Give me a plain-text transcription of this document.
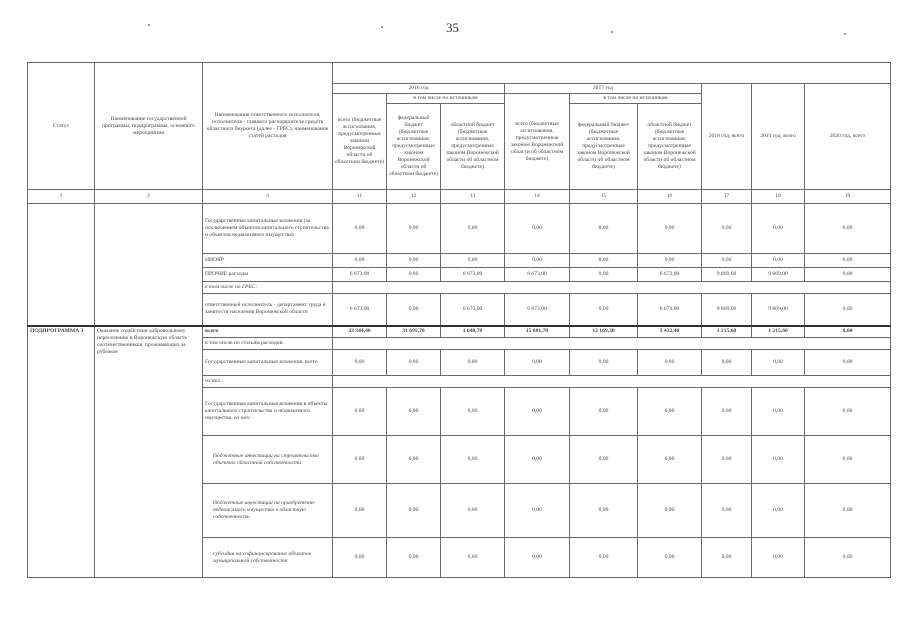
35
Статус	Наименование государственной программы, подпрограммы, основного мероприятия	Наименование ответственного исполнителя, исполнителя - главного распорядителя средств областного бюджета (далее - ГРБС), наименование статей расходов									
			2016 год			2017 год			2018 год, всего	2019 год, всего	2020 год, всего
			всего (бюджетные ассигнования, предусмотренные законом Воронежской области об областном бюджете)	в том числе по источникам		всего (бюджетные ассигнования, предусмотренные законом Воронежской области об областном бюджете)	в том числе по источникам				
				федеральный бюджет (бюджетные ассигнования, предусмотренные законом Воронежской области об областном бюджете)	областной бюджет (бюджетные ассигнования, предусмотренные законом Воронежской области об областном бюджете)		федеральный бюджет (бюджетные ассигнования, предусмотренные законом Воронежской области об областном бюджете)	областной бюджет (бюджетные ассигнования, предусмотренные законом Воронежской области об областном бюджете)			
1	2	3	11	12	13	14	15	16	17	18	19
		Государственные капитальные вложения (за исключением объектов капитального строительства и объектов недвижимого имущества)	0,00	0,00	0,00	0,00	0,00	0,00	0,00	0,00	0,00
		НИОКР	0,00	0,00	0,00	0,00	0,00	0,00	0,00	0,00	0,00
		ПРОЧИЕ расходы	6 673,00	0,00	6 673,00	6 673,00	0,00	6 673,00	9 869,00	9 869,00	0,00
		в том числе по ГРБС:									
		ответственный исполнитель - департамент труда и занятости населения Воронежской области	6 673,00	0,00	6 673,00	6 673,00	0,00	6 673,00	9 869,00	9 869,00	0,00
ПОДПРОГРАММА 3	Оказание содействия добровольному переселению в Воронежскую область соотечественников, проживающих за рубежом	всего	33 344,40	31 695,70	1 648,70	15 601,70	12 169,30	3 432,40	1 215,60	1 215,60	0,00
		в том числе по статьям расходов:									
		Государственные капитальные вложения, всего	0,00	0,00	0,00	0,00	0,00	0,00	0,00	0,00	0,00
		из них:									
		Государственные капитальные вложения в объекты капитального строительства и недвижимого имущества, из них:	0,00	0,00	0,00	0,00	0,00	0,00	0,00	0,00	0,00
		бюджетные инвестиции на строительство объектов областной собственности	0,00	0,00	0,00	0,00	0,00	0,00	0,00	0,00	0,00
		бюджетные инвестиции на приобретение недвижимого имущества в областную собственность	0,00	0,00	0,00	0,00	0,00	0,00	0,00	0,00	0,00
		субсидии на софинансирование объектов муниципальной собственности	0,00	0,00	0,00	0,00	0,00	0,00	0,00	0,00	0,00
